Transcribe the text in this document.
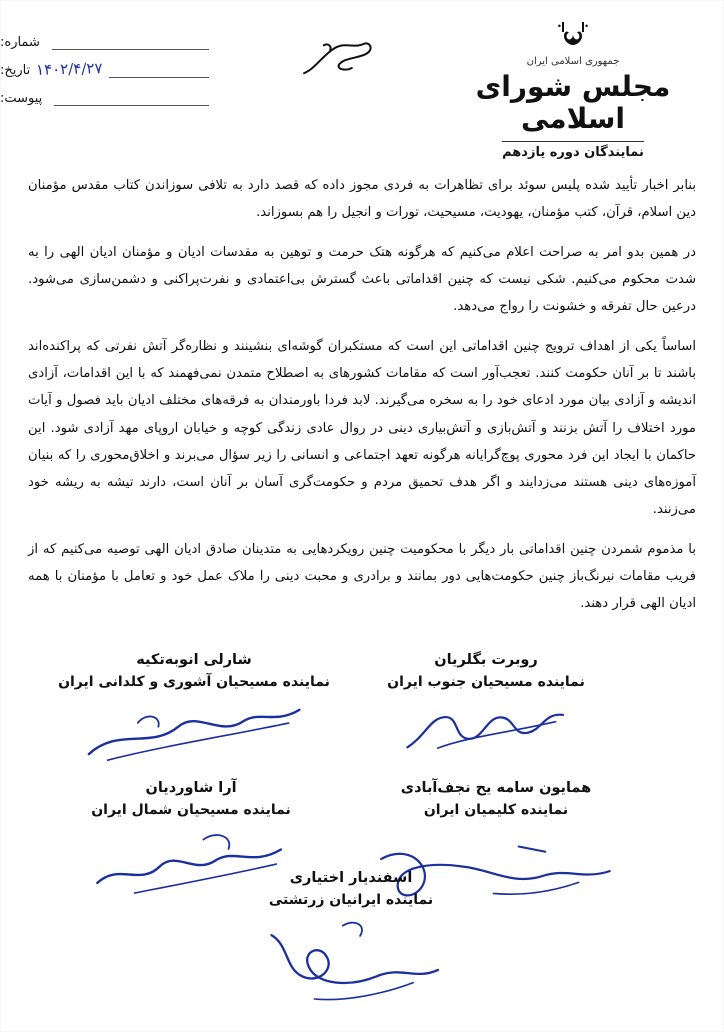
جمهوری اسلامی ایران
مجلس شورای اسلامی
نمایندگان دوره یازدهم
شماره:
تاریخ: ۱۴۰۲/۴/۲۷
پیوست:

بنابر اخبار تأیید شده پلیس سوئد برای تظاهرات به فردی مجوز داده که قصد دارد به تلافی سوزاندن کتاب مقدس مؤمنان دین اسلام، قرآن، کتب مؤمنان، یهودیت، مسیحیت، تورات و انجیل را هم بسوزاند.

در همین بدو امر به صراحت اعلام می‌کنیم که هرگونه هتک حرمت و توهین به مقدسات ادیان و مؤمنان ادیان الهی را به شدت محکوم می‌کنیم. شکی نیست که چنین اقداماتی باعث گسترش بی‌اعتمادی و نفرت‌پراکنی و دشمن‌سازی می‌شود. درعین حال تفرقه و خشونت را رواج می‌دهد.

اساساً یکی از اهداف ترویج چنین اقداماتی این است که مستکبران گوشه‌ای بنشینند و نظاره‌گر آتش نفرتی که پراکنده‌اند باشند تا بر آنان حکومت کنند. تعجب‌آور است که مقامات کشورهای به اصطلاح متمدن نمی‌فهمند که با این اقدامات، آزادی اندیشه و آزادی بیان مورد ادعای خود را به سخره می‌گیرند. لابد فردا باورمندان به فرقه‌های مختلف ادیان باید فصول و آیات مورد اختلاف را آتش بزنند و آتش‌بازی و آتش‌بیاری دینی در روال عادی زندگی کوچه و خیابان اروپای مهد آزادی شود. این حاکمان با ایجاد این فرد محوری پوچ‌گرایانه هرگونه تعهد اجتماعی و انسانی را زیر سؤال می‌برند و اخلاق‌محوری را که بنیان آموزه‌های دینی هستند می‌زدایند و اگر هدف تحمیق مردم و حکومت‌گری آسان بر آنان است، دارند تیشه به ریشه خود می‌زنند.

با مذموم شمردن چنین اقداماتی بار دیگر با محکومیت چنین رویکردهایی به متدینان صادق ادیان الهی توصیه می‌کنیم که از فریب مقامات نیرنگ‌باز چنین حکومت‌هایی دور بمانند و برادری و محبت دینی را ملاک عمل خود و تعامل با مؤمنان با همه ادیان الهی قرار دهند.

روبرت بگلریان
نماینده مسیحیان جنوب ایران
شارلی انوبه‌تکیه
نماینده مسیحیان آشوری و کلدانی ایران
همایون سامه یح نجف‌آبادی
نماینده کلیمیان ایران
آرا شاوردیان
نماینده مسیحیان شمال ایران
اسفندیار اختیاری
نماینده ایرانیان زرتشتی
